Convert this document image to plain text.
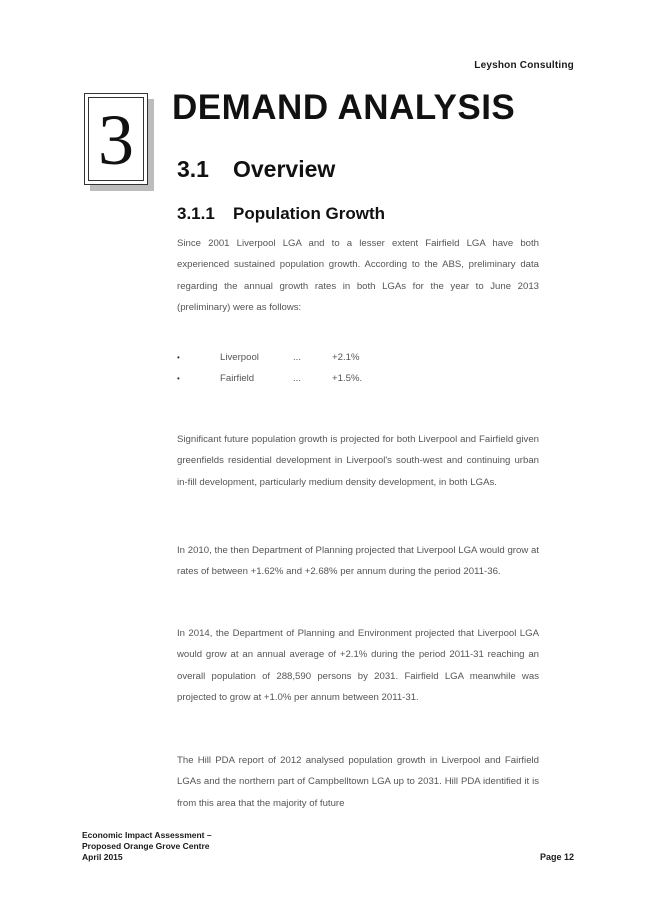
Leyshon Consulting
3	DEMAND ANALYSIS
3.1 Overview
3.1.1 Population Growth

Since 2001 Liverpool LGA and to a lesser extent Fairfield LGA have both experienced sustained population growth. According to the ABS, preliminary data regarding the annual growth rates in both LGAs for the year to June 2013 (preliminary) were as follows:

•	Liverpool	...	+2.1%
•	Fairfield	...	+1.5%.

Significant future population growth is projected for both Liverpool and Fairfield given greenfields residential development in Liverpool's south-west and continuing urban in-fill development, particularly medium density development, in both LGAs.

In 2010, the then Department of Planning projected that Liverpool LGA would grow at rates of between +1.62% and +2.68% per annum during the period 2011-36.

In 2014, the Department of Planning and Environment projected that Liverpool LGA would grow at an annual average of +2.1% during the period 2011-31 reaching an overall population of 288,590 persons by 2031. Fairfield LGA meanwhile was projected to grow at +1.0% per annum between 2011-31.

The Hill PDA report of 2012 analysed population growth in Liverpool and Fairfield LGAs and the northern part of Campbelltown LGA up to 2031. Hill PDA identified it is from this area that the majority of future

Economic Impact Assessment –
Proposed Orange Grove Centre
April 2015	Page 12
